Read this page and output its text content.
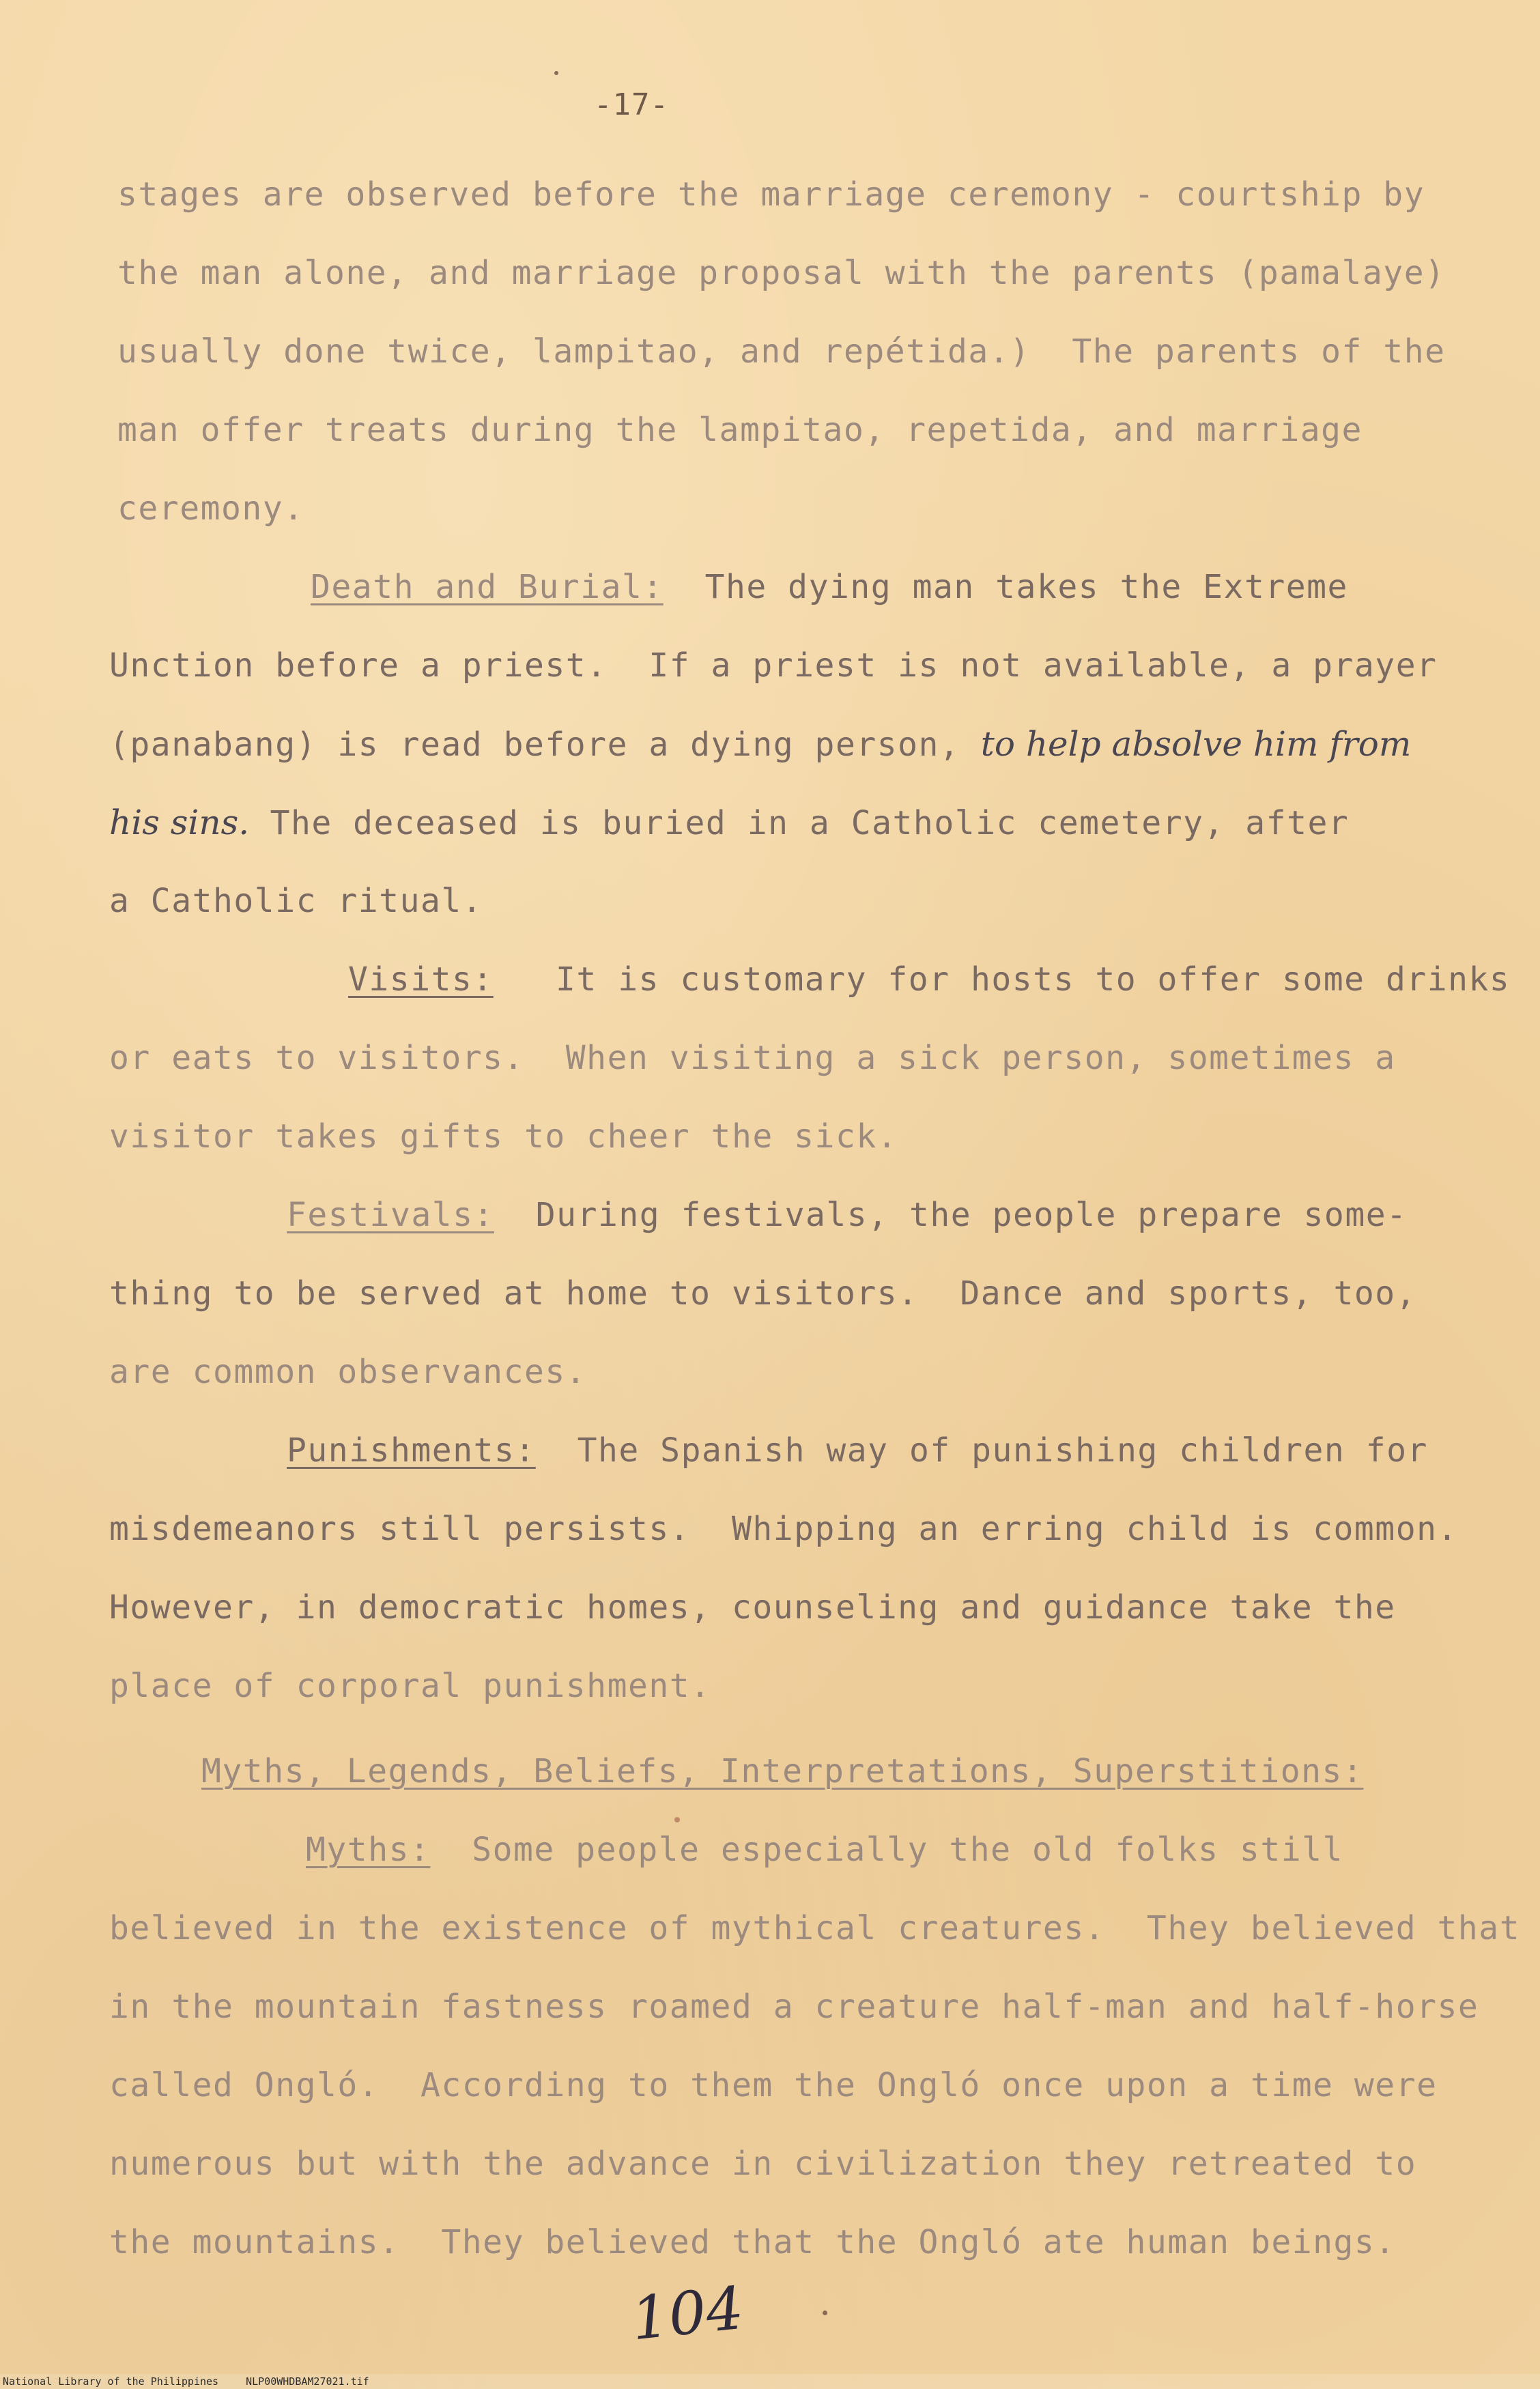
-17-
stages are observed before the marriage ceremony - courtship by
the man alone, and marriage proposal with the parents (pamalaye)
usually done twice, lampitao, and repétida.)  The parents of the
man offer treats during the lampitao, repetida, and marriage
ceremony.
Death and Burial: The dying man takes the Extreme
Unction before a priest.  If a priest is not available, a prayer
(panabang) is read before a dying person, to help absolve him from
his sins. The deceased is buried in a Catholic cemetery, after
a Catholic ritual.
Visits: It is customary for hosts to offer some drinks
or eats to visitors.  When visiting a sick person, sometimes a
visitor takes gifts to cheer the sick.
Festivals: During festivals, the people prepare some-
thing to be served at home to visitors.  Dance and sports, too,
are common observances.
Punishments: The Spanish way of punishing children for
misdemeanors still persists.  Whipping an erring child is common.
However, in democratic homes, counseling and guidance take the
place of corporal punishment.
Myths, Legends, Beliefs, Interpretations, Superstitions:
Myths: Some people especially the old folks still
believed in the existence of mythical creatures.  They believed that
in the mountain fastness roamed a creature half-man and half-horse
called Ongló.  According to them the Ongló once upon a time were
numerous but with the advance in civilization they retreated to
the mountains.  They believed that the Ongló ate human beings.
104
National Library of the Philippines	NLP00WHDBAM27021.tif
